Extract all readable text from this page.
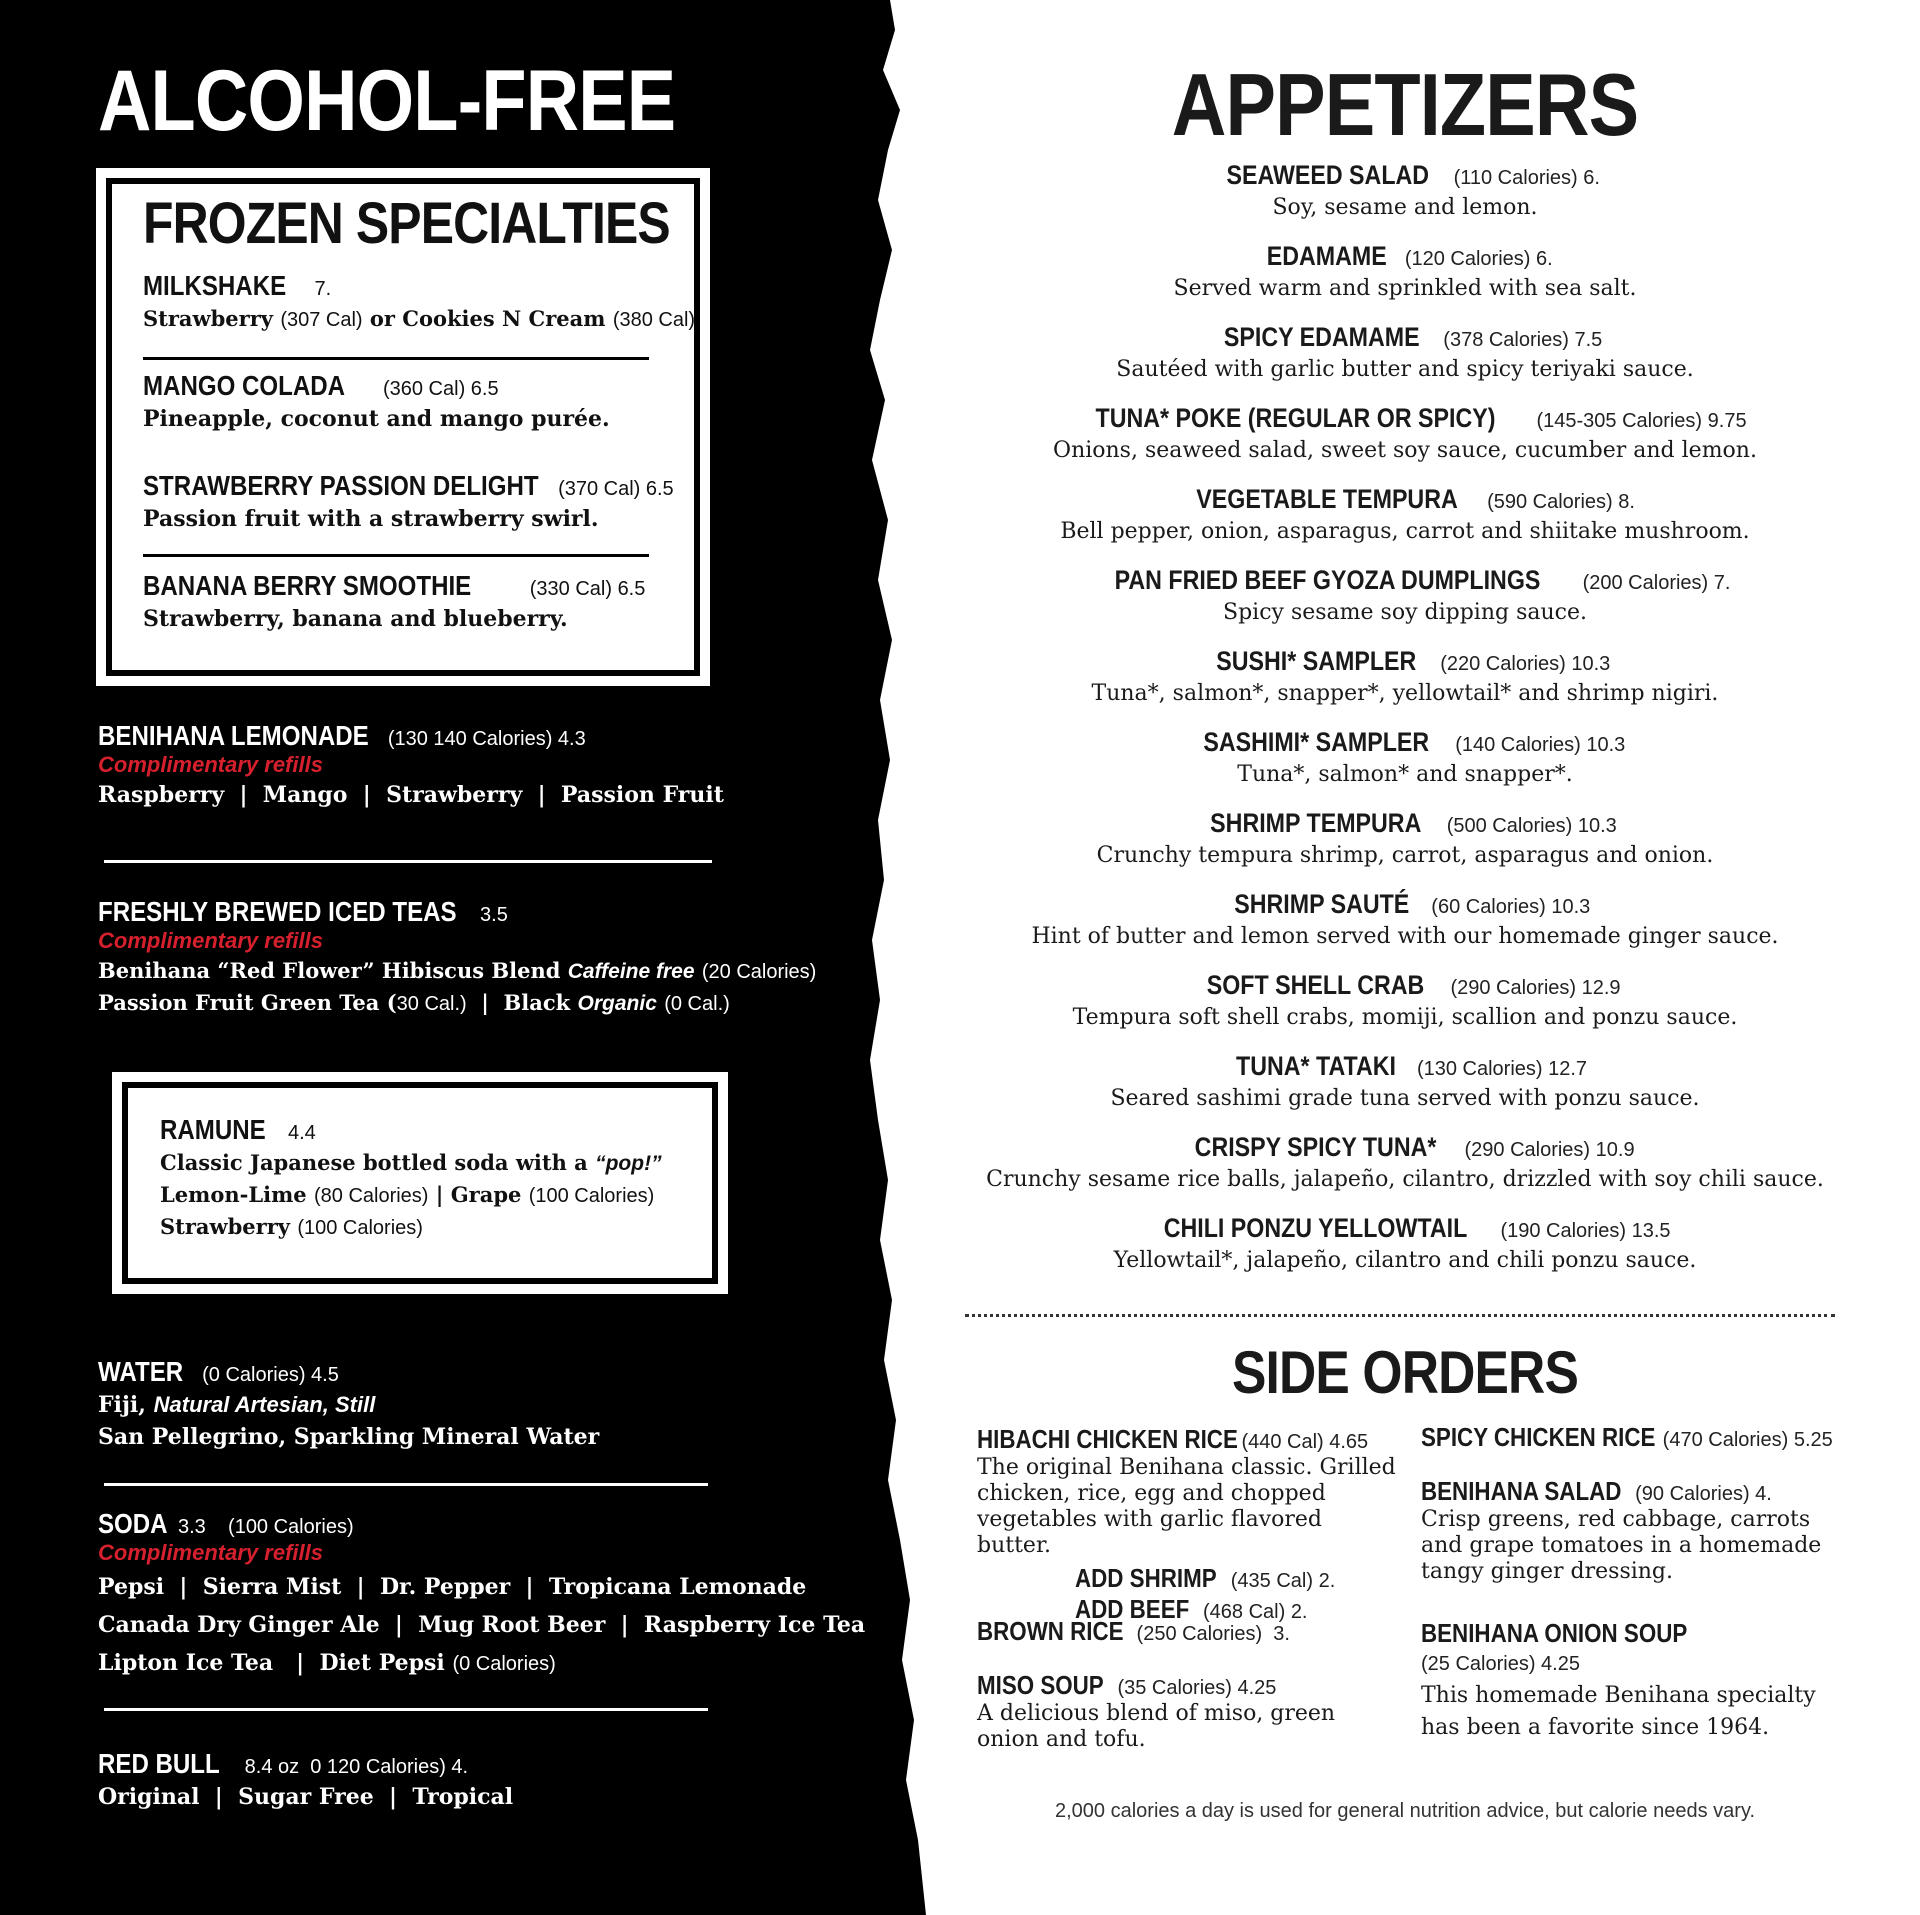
ALCOHOL-FREE
FROZEN SPECIALTIES
MILKSHAKE 7.
Strawberry (307 Cal) or Cookies N Cream (380 Cal)
MANGO COLADA (360 Cal) 6.5
Pineapple, coconut and mango purée.
STRAWBERRY PASSION DELIGHT (370 Cal) 6.5
Passion fruit with a strawberry swirl.
BANANA BERRY SMOOTHIE	(330 Cal) 6.5
Strawberry, banana and blueberry.
BENIHANA LEMONADE (130 140 Calories) 4.3
Complimentary refills
Raspberry  |  Mango  |  Strawberry  |  Passion Fruit
FRESHLY BREWED ICED TEAS 3.5
Complimentary refills
Benihana “Red Flower” Hibiscus Blend Caffeine free (20 Calories)
Passion Fruit Green Tea (30 Cal.)  |  Black Organic (0 Cal.)
RAMUNE 4.4
Classic Japanese bottled soda with a “pop!”
Lemon-Lime (80 Calories) | Grape (100 Calories)
Strawberry (100 Calories)
WATER (0 Calories) 4.5
Fiji, Natural Artesian, Still
San Pellegrino, Sparkling Mineral Water
SODA 3.3    (100 Calories)
Complimentary refills
Pepsi  |  Sierra Mist  |  Dr. Pepper  |  Tropicana Lemonade
Canada Dry Ginger Ale  |  Mug Root Beer  |  Raspberry Ice Tea
Lipton Ice Tea   |  Diet Pepsi (0 Calories)
RED BULL 8.4 oz  0 120 Calories) 4.
Original  |  Sugar Free  |  Tropical
APPETIZERS
SEAWEED SALAD (110 Calories) 6.
Soy, sesame and lemon.
EDAMAME (120 Calories) 6.
Served warm and sprinkled with sea salt.
SPICY EDAMAME (378 Calories) 7.5
Sautéed with garlic butter and spicy teriyaki sauce.
TUNA* POKE (REGULAR OR SPICY) (145-305 Calories) 9.75
Onions, seaweed salad, sweet soy sauce, cucumber and lemon.
VEGETABLE TEMPURA (590 Calories) 8.
Bell pepper, onion, asparagus, carrot and shiitake mushroom.
PAN FRIED BEEF GYOZA DUMPLINGS (200 Calories) 7.
Spicy sesame soy dipping sauce.
SUSHI* SAMPLER (220 Calories) 10.3
Tuna*, salmon*, snapper*, yellowtail* and shrimp nigiri.
SASHIMI* SAMPLER (140 Calories) 10.3
Tuna*, salmon* and snapper*.
SHRIMP TEMPURA (500 Calories) 10.3
Crunchy tempura shrimp, carrot, asparagus and onion.
SHRIMP SAUTÉ (60 Calories) 10.3
Hint of butter and lemon served with our homemade ginger sauce.
SOFT SHELL CRAB (290 Calories) 12.9
Tempura soft shell crabs, momiji, scallion and ponzu sauce.
TUNA* TATAKI (130 Calories) 12.7
Seared sashimi grade tuna served with ponzu sauce.
CRISPY SPICY TUNA* (290 Calories) 10.9
Crunchy sesame rice balls, jalapeño, cilantro, drizzled with soy chili sauce.
CHILI PONZU YELLOWTAIL (190 Calories) 13.5
Yellowtail*, jalapeño, cilantro and chili ponzu sauce.
SIDE ORDERS
HIBACHI CHICKEN RICE (440 Cal) 4.65
The original Benihana classic. Grilled
chicken, rice, egg and chopped
vegetables with garlic flavored butter.
ADD SHRIMP (435 Cal) 2.
ADD BEEF (468 Cal) 2.
BROWN RICE (250 Calories)  3.
MISO SOUP (35 Calories) 4.25
A delicious blend of miso, green
onion and tofu.
SPICY CHICKEN RICE (470 Calories) 5.25
BENIHANA SALAD (90 Calories) 4.
Crisp greens, red cabbage, carrots
and grape tomatoes in a homemade
tangy ginger dressing.
BENIHANA ONION SOUP
(25 Calories) 4.25
This homemade Benihana specialty
has been a favorite since 1964.
2,000 calories a day is used for general nutrition advice, but calorie needs vary.
